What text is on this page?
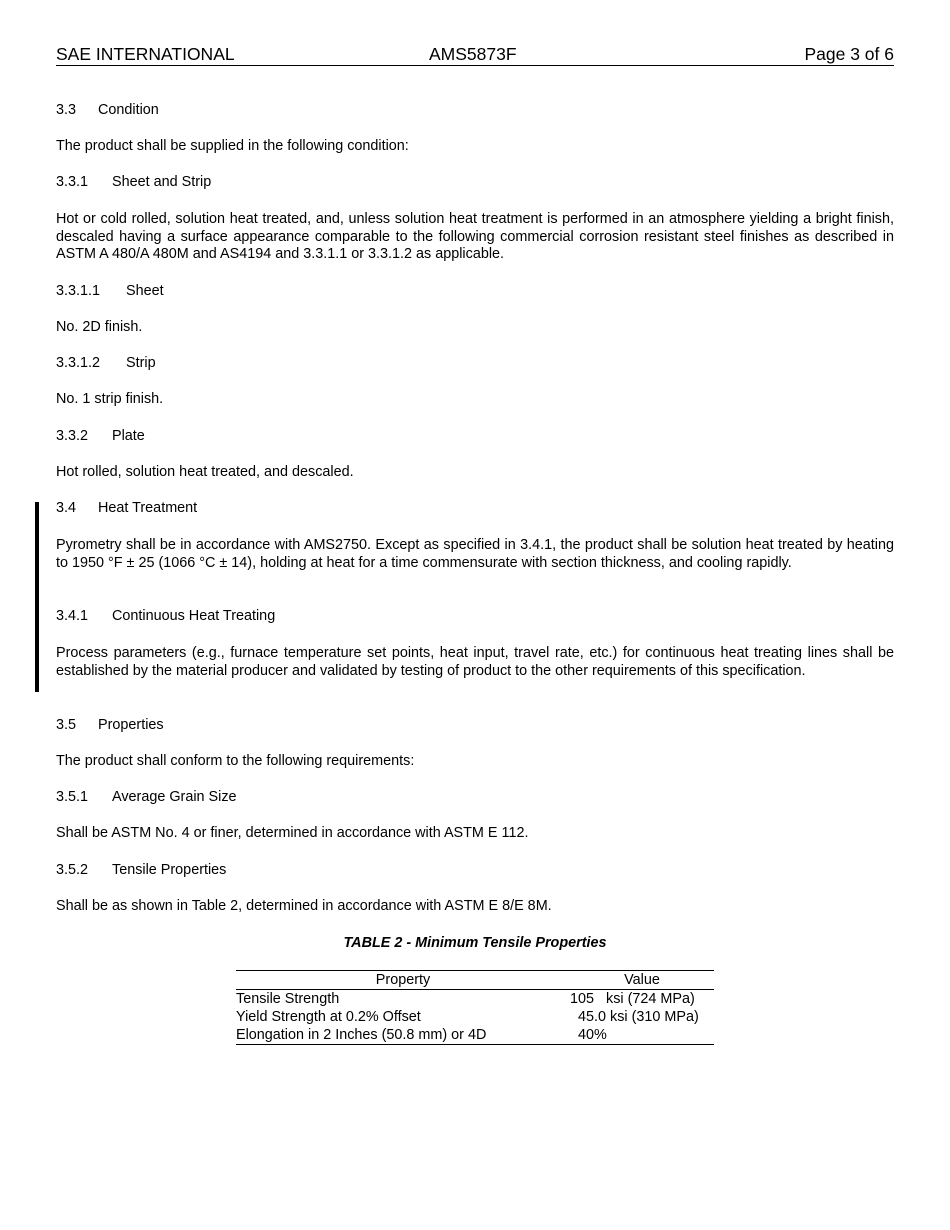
SAE INTERNATIONAL	AMS5873F	Page 3 of 6
3.3 Condition
The product shall be supplied in the following condition:
3.3.1 Sheet and Strip
Hot or cold rolled, solution heat treated, and, unless solution heat treatment is performed in an atmosphere yielding a bright finish, descaled having a surface appearance comparable to the following commercial corrosion resistant steel finishes as described in ASTM A 480/A 480M and AS4194 and 3.3.1.1 or 3.3.1.2 as applicable.
3.3.1.1 Sheet
No. 2D finish.
3.3.1.2 Strip
No. 1 strip finish.
3.3.2 Plate
Hot rolled, solution heat treated, and descaled.
3.4 Heat Treatment
Pyrometry shall be in accordance with AMS2750. Except as specified in 3.4.1, the product shall be solution heat treated by heating to 1950 °F ± 25 (1066 °C ± 14), holding at heat for a time commensurate with section thickness, and cooling rapidly.
3.4.1 Continuous Heat Treating
Process parameters (e.g., furnace temperature set points, heat input, travel rate, etc.) for continuous heat treating lines shall be established by the material producer and validated by testing of product to the other requirements of this specification.
3.5 Properties
The product shall conform to the following requirements:
3.5.1 Average Grain Size
Shall be ASTM No. 4 or finer, determined in accordance with ASTM E 112.
3.5.2 Tensile Properties
Shall be as shown in Table 2, determined in accordance with ASTM E 8/E 8M.
TABLE 2 - Minimum Tensile Properties
Property	Value
Tensile Strength	105   ksi (724 MPa)
Yield Strength at 0.2% Offset	45.0 ksi (310 MPa)
Elongation in 2 Inches (50.8 mm) or 4D	40%
